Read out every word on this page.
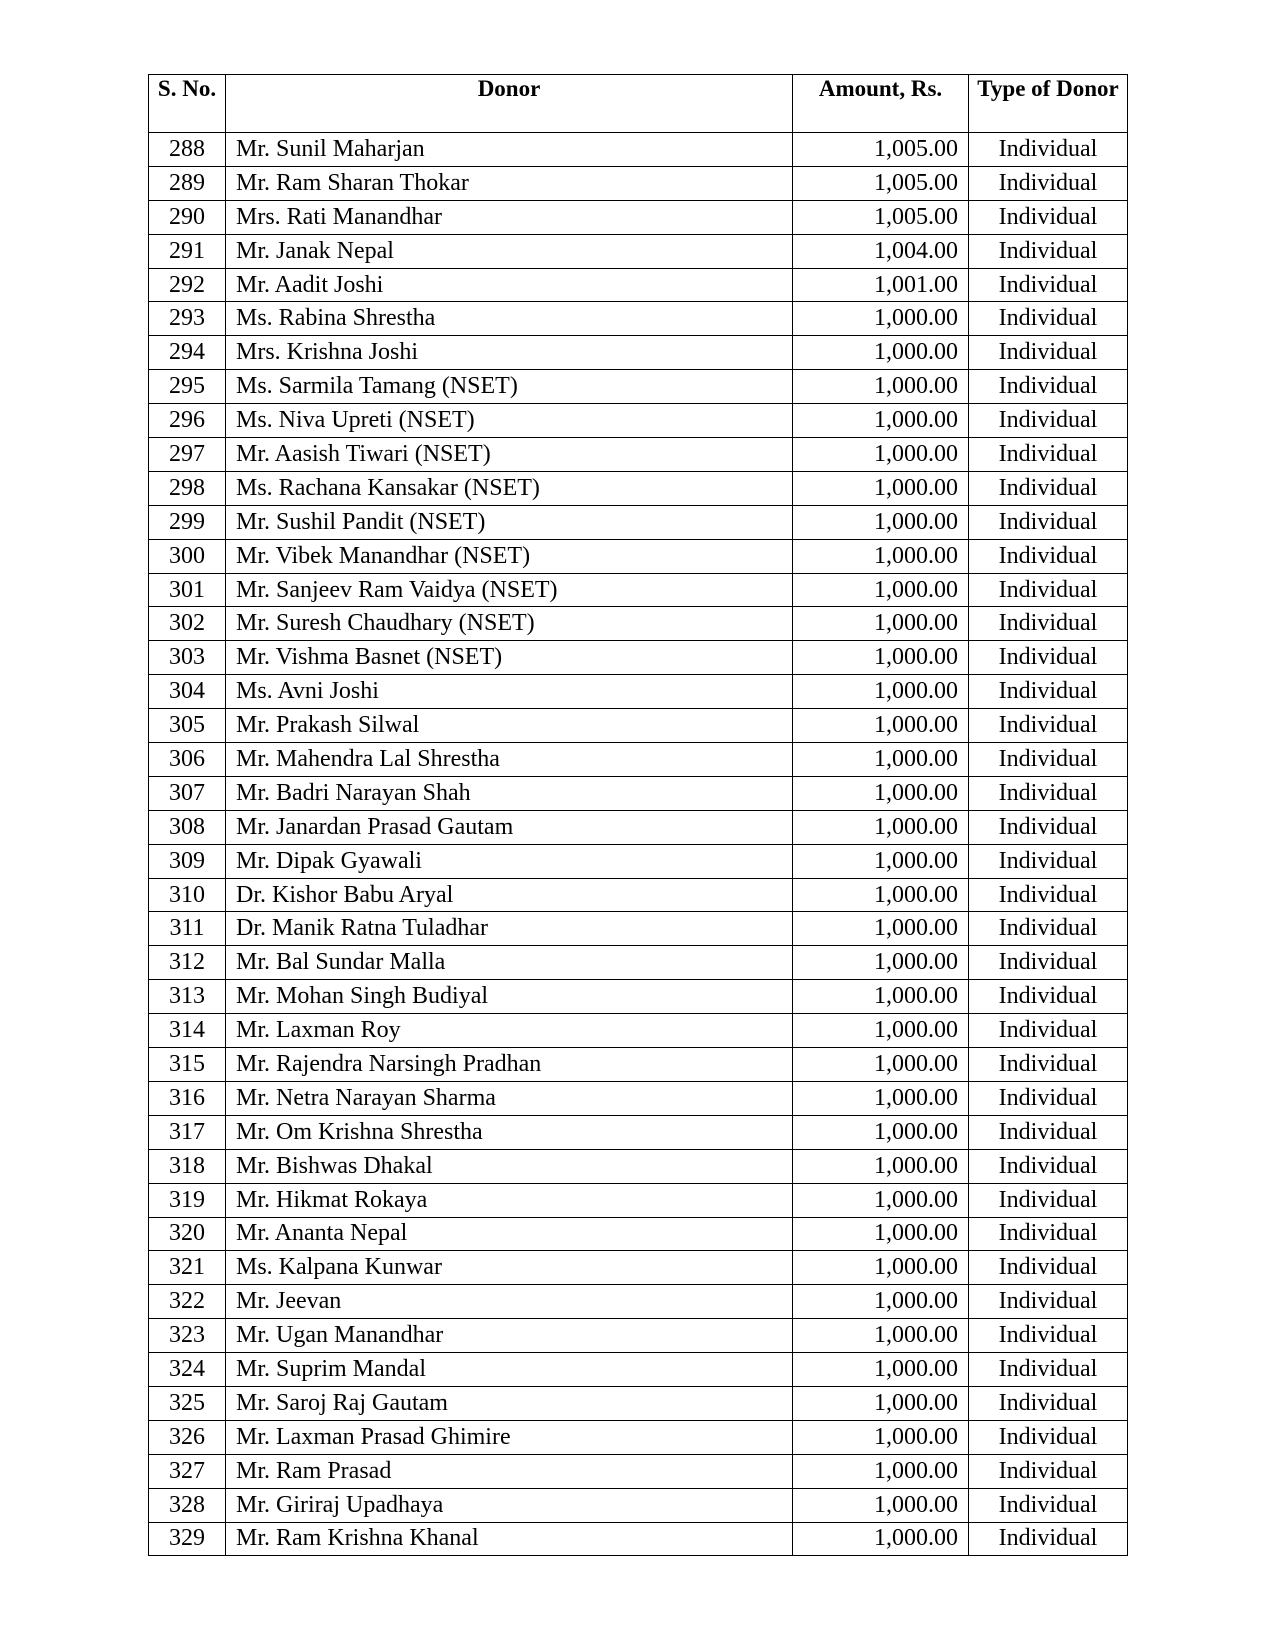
S. No.	Donor	Amount, Rs.	Type of Donor
288	Mr. Sunil Maharjan	1,005.00	Individual
289	Mr. Ram Sharan Thokar	1,005.00	Individual
290	Mrs. Rati Manandhar	1,005.00	Individual
291	Mr. Janak Nepal	1,004.00	Individual
292	Mr. Aadit Joshi	1,001.00	Individual
293	Ms. Rabina Shrestha	1,000.00	Individual
294	Mrs. Krishna Joshi	1,000.00	Individual
295	Ms. Sarmila Tamang (NSET)	1,000.00	Individual
296	Ms. Niva Upreti (NSET)	1,000.00	Individual
297	Mr. Aasish Tiwari (NSET)	1,000.00	Individual
298	Ms. Rachana Kansakar (NSET)	1,000.00	Individual
299	Mr. Sushil Pandit (NSET)	1,000.00	Individual
300	Mr. Vibek Manandhar (NSET)	1,000.00	Individual
301	Mr. Sanjeev Ram Vaidya (NSET)	1,000.00	Individual
302	Mr. Suresh Chaudhary (NSET)	1,000.00	Individual
303	Mr. Vishma Basnet (NSET)	1,000.00	Individual
304	Ms. Avni Joshi	1,000.00	Individual
305	Mr. Prakash Silwal	1,000.00	Individual
306	Mr. Mahendra Lal Shrestha	1,000.00	Individual
307	Mr. Badri Narayan Shah	1,000.00	Individual
308	Mr. Janardan Prasad Gautam	1,000.00	Individual
309	Mr. Dipak Gyawali	1,000.00	Individual
310	Dr. Kishor Babu Aryal	1,000.00	Individual
311	Dr. Manik Ratna Tuladhar	1,000.00	Individual
312	Mr. Bal Sundar Malla	1,000.00	Individual
313	Mr. Mohan Singh Budiyal	1,000.00	Individual
314	Mr. Laxman Roy	1,000.00	Individual
315	Mr. Rajendra Narsingh Pradhan	1,000.00	Individual
316	Mr. Netra Narayan Sharma	1,000.00	Individual
317	Mr. Om Krishna Shrestha	1,000.00	Individual
318	Mr. Bishwas Dhakal	1,000.00	Individual
319	Mr. Hikmat Rokaya	1,000.00	Individual
320	Mr. Ananta Nepal	1,000.00	Individual
321	Ms. Kalpana Kunwar	1,000.00	Individual
322	Mr. Jeevan	1,000.00	Individual
323	Mr. Ugan Manandhar	1,000.00	Individual
324	Mr. Suprim Mandal	1,000.00	Individual
325	Mr. Saroj Raj Gautam	1,000.00	Individual
326	Mr. Laxman Prasad Ghimire	1,000.00	Individual
327	Mr. Ram Prasad	1,000.00	Individual
328	Mr. Giriraj Upadhaya	1,000.00	Individual
329	Mr. Ram Krishna Khanal	1,000.00	Individual
